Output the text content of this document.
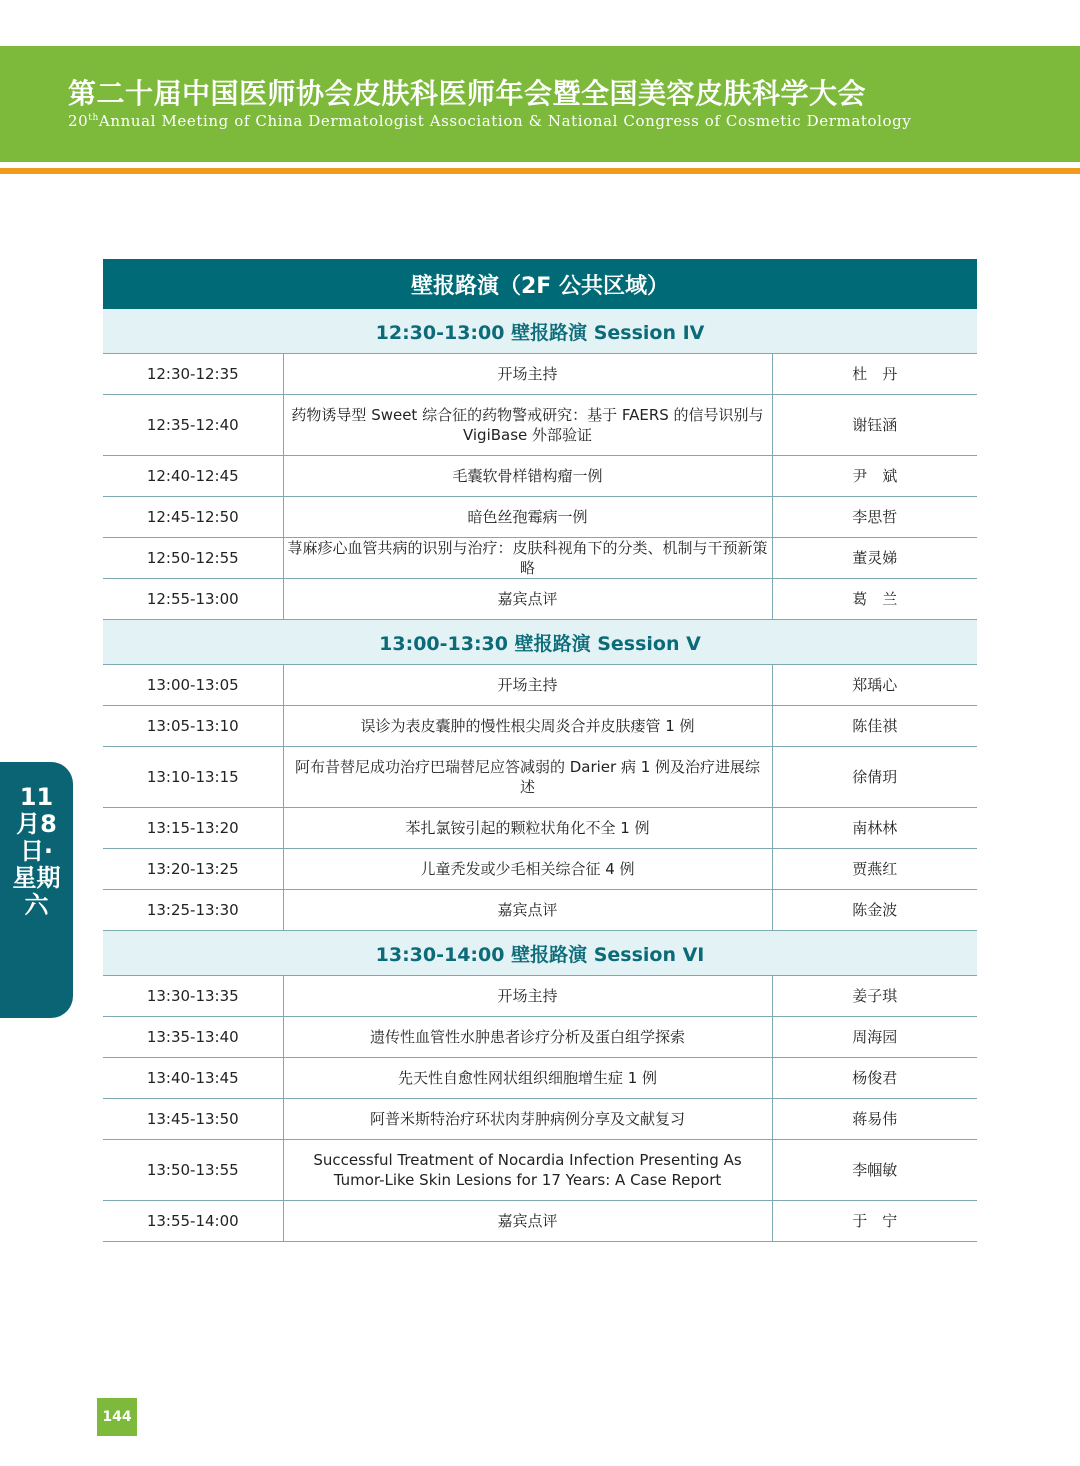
第二十届中国医师协会皮肤科医师年会暨全国美容皮肤科学大会
20thAnnual Meeting of China Dermatologist Association & National Congress of Cosmetic Dermatology
壁报路演（2F 公共区域）		
12:30-13:00 壁报路演 Session IV		
12:30-12:35	开场主持	杜　丹
12:35-12:40	药物诱导型 Sweet 综合征的药物警戒研究：基于 FAERS 的信号识别与 VigiBase 外部验证	谢钰涵
12:40-12:45	毛囊软骨样错构瘤一例	尹　斌
12:45-12:50	暗色丝孢霉病一例	李思哲
12:50-12:55	荨麻疹心血管共病的识别与治疗：皮肤科视角下的分类、机制与干预新策略	董灵娣
12:55-13:00	嘉宾点评	葛　兰
13:00-13:30 壁报路演 Session V		
13:00-13:05	开场主持	郑瑀心
13:05-13:10	误诊为表皮囊肿的慢性根尖周炎合并皮肤瘘管 1 例	陈佳祺
13:10-13:15	阿布昔替尼成功治疗巴瑞替尼应答减弱的 Darier 病 1 例及治疗进展综述	徐倩玥
13:15-13:20	苯扎氯铵引起的颗粒状角化不全 1 例	南林林
13:20-13:25	儿童秃发或少毛相关综合征 4 例	贾燕红
13:25-13:30	嘉宾点评	陈金波
13:30-14:00 壁报路演 Session VI		
13:30-13:35	开场主持	姜子琪
13:35-13:40	遗传性血管性水肿患者诊疗分析及蛋白组学探索	周海园
13:40-13:45	先天性自愈性网状组织细胞增生症 1 例	杨俊君
13:45-13:50	阿普米斯特治疗环状肉芽肿病例分享及文献复习	蒋易伟
13:50-13:55	Successful Treatment of Nocardia Infection Presenting As Tumor-Like Skin Lesions for 17 Years: A Case Report	李帼敏
13:55-14:00	嘉宾点评	于　宁
11月8日·星期六
144
